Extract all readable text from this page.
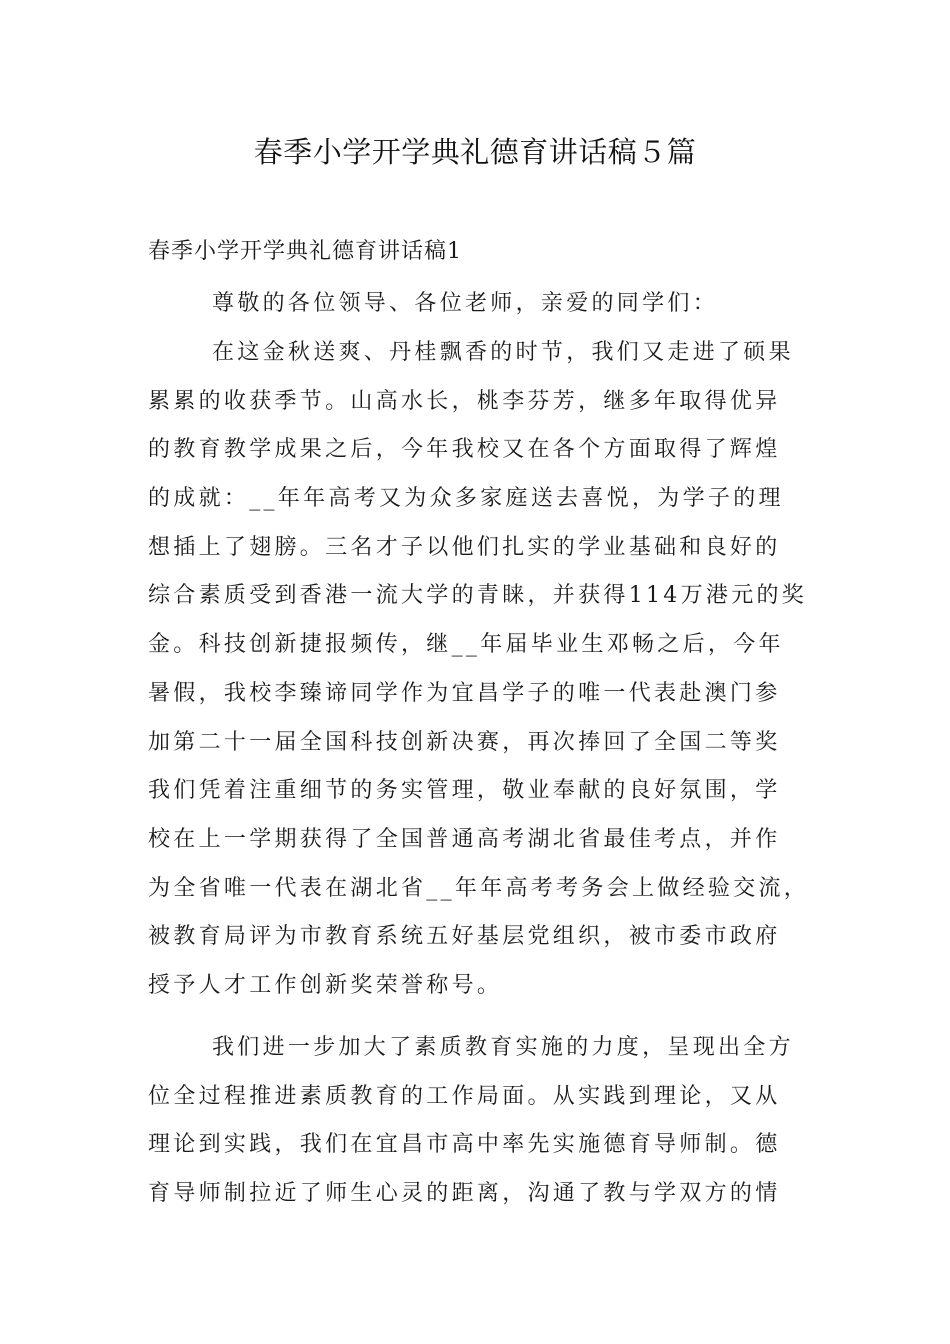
春季小学开学典礼德育讲话稿５篇
春季小学开学典礼德育讲话稿1

尊敬的各位领导、各位老师，亲爱的同学们：

在这金秋送爽、丹桂飘香的时节，我们又走进了硕果
累累的收获季节。山高水长，桃李芬芳，继多年取得优异
的教育教学成果之后，今年我校又在各个方面取得了辉煌
的成就：__年年高考又为众多家庭送去喜悦，为学子的理
想插上了翅膀。三名才子以他们扎实的学业基础和良好的
综合素质受到香港一流大学的青睐，并获得114万港元的奖
金。科技创新捷报频传，继__年届毕业生邓畅之后，今年
暑假，我校李臻谛同学作为宜昌学子的唯一代表赴澳门参
加第二十一届全国科技创新决赛，再次捧回了全国二等奖
我们凭着注重细节的务实管理，敬业奉献的良好氛围，学
校在上一学期获得了全国普通高考湖北省最佳考点，并作
为全省唯一代表在湖北省__年年高考考务会上做经验交流，
被教育局评为市教育系统五好基层党组织，被市委市政府
授予人才工作创新奖荣誉称号。

我们进一步加大了素质教育实施的力度，呈现出全方
位全过程推进素质教育的工作局面。从实践到理论，又从
理论到实践，我们在宜昌市高中率先实施德育导师制。德
育导师制拉近了师生心灵的距离，沟通了教与学双方的情
